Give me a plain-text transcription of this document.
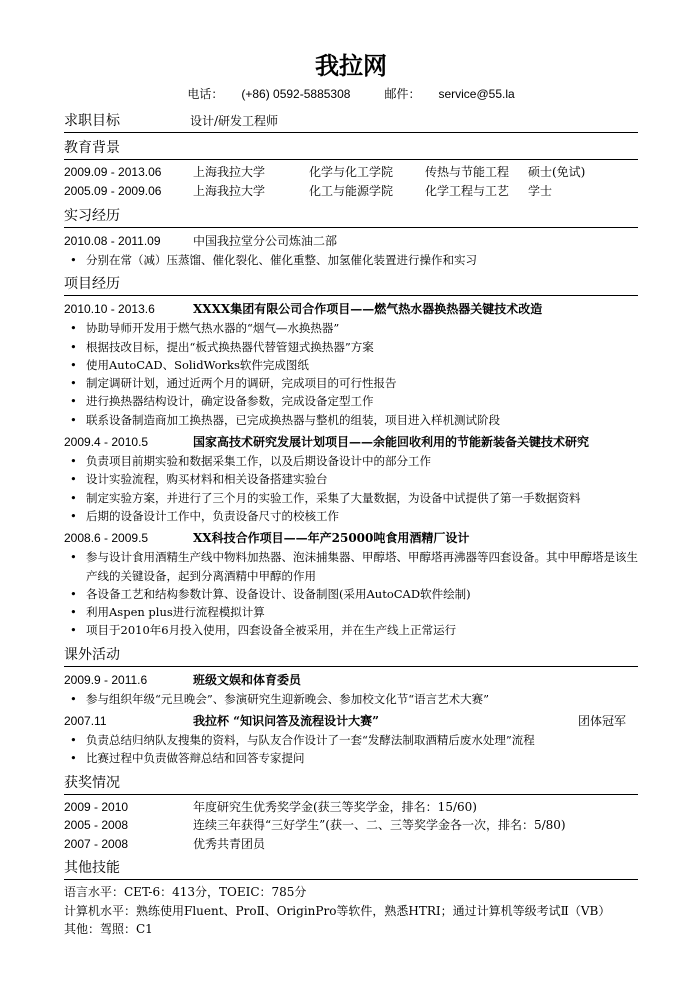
我拉网
电话： (+86) 0592-5885308	邮件： service@55.la
求职目标	设计/研发工程师
教育背景
2009.09 - 2013.06	上海我拉大学	化学与化工学院	传热与节能工程	硕士(免试)
2005.09 - 2009.06	上海我拉大学	化工与能源学院	化学工程与工艺	学士
实习经历
2010.08 - 2011.09	中国我拉堂分公司炼油二部
• 分别在常（减）压蒸馏、催化裂化、催化重整、加氢催化装置进行操作和实习
项目经历
2010.10 - 2013.6	XXXX集团有限公司合作项目——燃气热水器换热器关键技术改造
• 协助导师开发用于燃气热水器的“烟气—水换热器”
• 根据技改目标，提出“板式换热器代替管翅式换热器”方案
• 使用AutoCAD、SolidWorks软件完成图纸
• 制定调研计划，通过近两个月的调研，完成项目的可行性报告
• 进行换热器结构设计，确定设备参数，完成设备定型工作
• 联系设备制造商加工换热器，已完成换热器与整机的组装，项目进入样机测试阶段
2009.4 - 2010.5	国家高技术研究发展计划项目——余能回收利用的节能新装备关键技术研究
• 负责项目前期实验和数据采集工作，以及后期设备设计中的部分工作
• 设计实验流程，购买材料和相关设备搭建实验台
• 制定实验方案，并进行了三个月的实验工作，采集了大量数据，为设备中试提供了第一手数据资料
• 后期的设备设计工作中，负责设备尺寸的校核工作
2008.6 - 2009.5	XX科技合作项目——年产25000吨食用酒精厂设计
• 参与设计食用酒精生产线中物料加热器、泡沫捕集器、甲醇塔、甲醇塔再沸器等四套设备。其中甲醇塔是该生产线的关键设备，起到分离酒精中甲醇的作用
• 各设备工艺和结构参数计算、设备设计、设备制图(采用AutoCAD软件绘制)
• 利用Aspen plus进行流程模拟计算
• 项目于2010年6月投入使用，四套设备全被采用，并在生产线上正常运行
课外活动
2009.9 - 2011.6	班级文娱和体育委员
• 参与组织年级“元旦晚会”、参演研究生迎新晚会、参加校文化节“语言艺术大赛”
2007.11	我拉杯 “知识问答及流程设计大赛”	团体冠军
• 负责总结归纳队友搜集的资料，与队友合作设计了一套“发酵法制取酒精后废水处理”流程
• 比赛过程中负责做答辩总结和回答专家提问
获奖情况
2009 - 2010	年度研究生优秀奖学金(获三等奖学金，排名：15/60)
2005 - 2008	连续三年获得“三好学生”(获一、二、三等奖学金各一次，排名：5/80)
2007 - 2008	优秀共青团员
其他技能
语言水平：CET-6：413分，TOEIC：785分
计算机水平：熟练使用Fluent、ProⅡ、OriginPro等软件，熟悉HTRI；通过计算机等级考试Ⅱ（VB）
其他：驾照：C1
